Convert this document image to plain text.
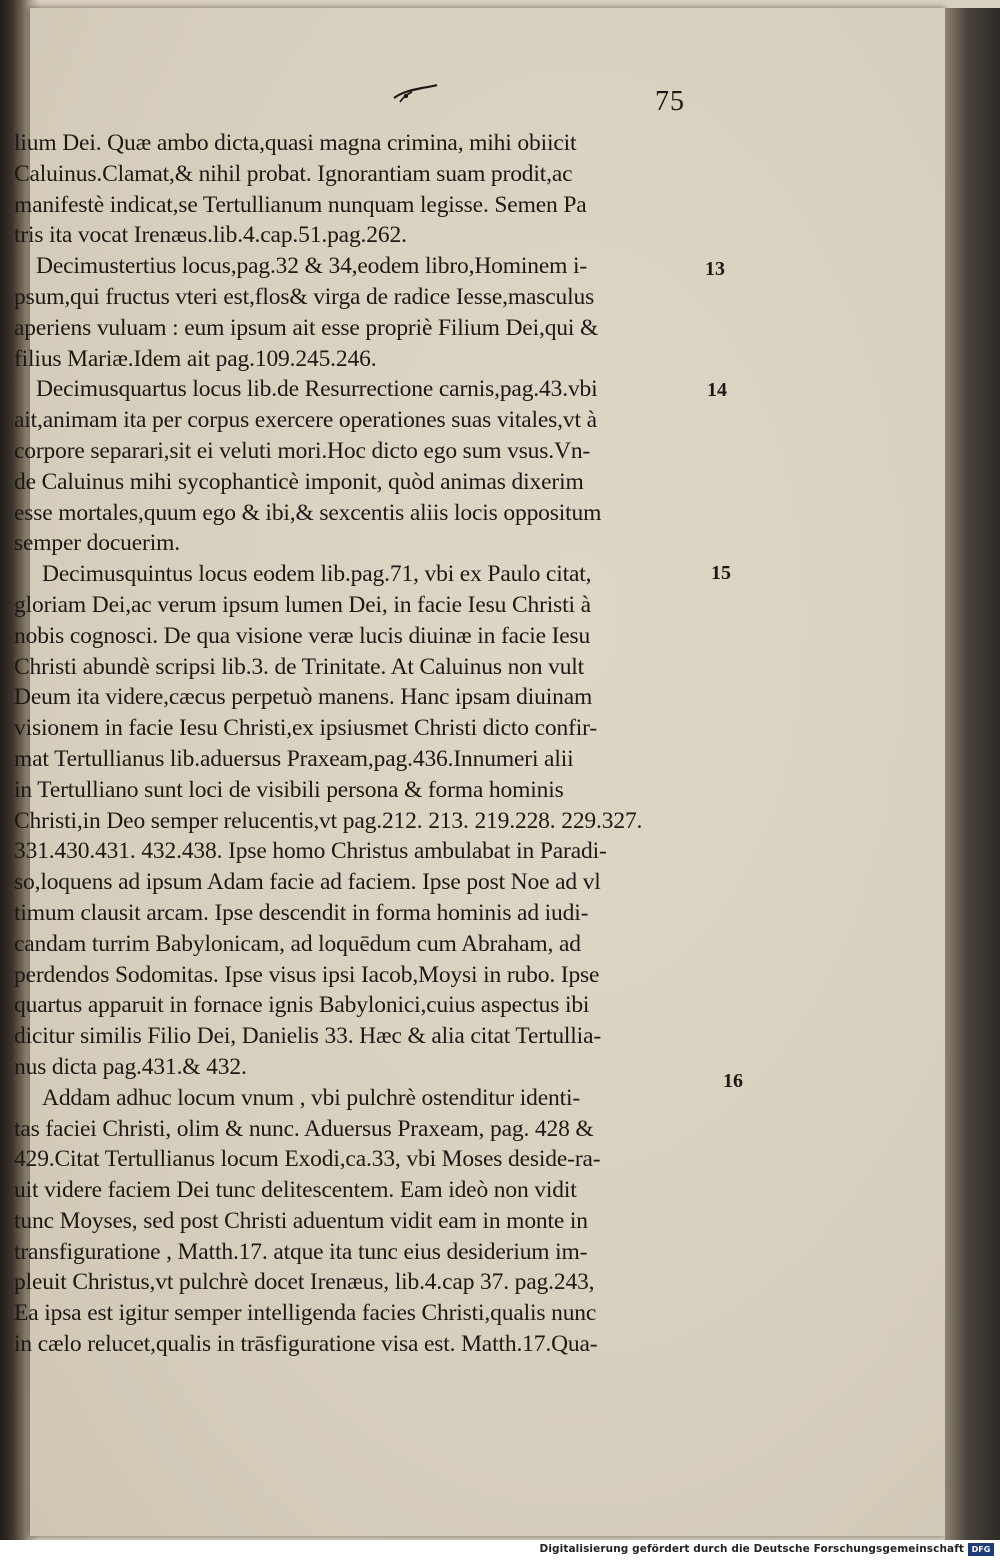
75
lium Dei. Quæ ambo dicta,quasi magna crimina, mihi obiicit
Caluinus.Clamat,& nihil probat. Ignorantiam suam prodit,ac
manifestè indicat,se Tertullianum nunquam legisse. Semen Pa
tris ita vocat Irenæus.lib.4.cap.51.pag.262.
Decimustertius locus,pag.32 & 34,eodem libro,Hominem i-
psum,qui fructus vteri est,flos& virga de radice Iesse,masculus
aperiens vuluam : eum ipsum ait esse propriè Filium Dei,qui &
filius Mariæ.Idem ait pag.109.245.246.
Decimusquartus locus lib.de Resurrectione carnis,pag.43.vbi
ait,animam ita per corpus exercere operationes suas vitales,vt à
corpore separari,sit ei veluti mori.Hoc dicto ego sum vsus.Vn-
de Caluinus mihi sycophanticè imponit, quòd animas dixerim
esse mortales,quum ego & ibi,& sexcentis aliis locis oppositum
semper docuerim.
Decimusquintus locus eodem lib.pag.71, vbi ex Paulo citat,
gloriam Dei,ac verum ipsum lumen Dei, in facie Iesu Christi à
nobis cognosci. De qua visione veræ lucis diuinæ in facie Iesu
Christi abundè scripsi lib.3. de Trinitate. At Caluinus non vult
Deum ita videre,cæcus perpetuò manens. Hanc ipsam diuinam
visionem in facie Iesu Christi,ex ipsiusmet Christi dicto confir-
mat Tertullianus lib.aduersus Praxeam,pag.436.Innumeri alii
in Tertulliano sunt loci de visibili persona & forma hominis
Christi,in Deo semper relucentis,vt pag.212. 213. 219.228. 229.327.
331.430.431. 432.438. Ipse homo Christus ambulabat in Paradi-
so,loquens ad ipsum Adam facie ad faciem. Ipse post Noe ad vl
timum clausit arcam. Ipse descendit in forma hominis ad iudi-
candam turrim Babylonicam, ad loquēdum cum Abraham, ad
perdendos Sodomitas. Ipse visus ipsi Iacob,Moysi in rubo. Ipse
quartus apparuit in fornace ignis Babylonici,cuius aspectus ibi
dicitur similis Filio Dei, Danielis 33. Hæc & alia citat Tertullia-
nus dicta pag.431.& 432.
Addam adhuc locum vnum , vbi pulchrè ostenditur identi-
tas faciei Christi, olim & nunc. Aduersus Praxeam, pag. 428 &
429.Citat Tertullianus locum Exodi,ca.33, vbi Moses deside-ra-
uit videre faciem Dei tunc delitescentem. Eam ideò non vidit
tunc Moyses, sed post Christi aduentum vidit eam in monte in
transfiguratione , Matth.17. atque ita tunc eius desiderium im-
pleuit Christus,vt pulchrè docet Irenæus, lib.4.cap 37. pag.243,
Ea ipsa est igitur semper intelligenda facies Christi,qualis nunc
in cælo relucet,qualis in trāsfiguratione visa est. Matth.17.Qua-
13
14
15
16
Digitalisierung gefördert durch die Deutsche Forschungsgemeinschaft DFG
